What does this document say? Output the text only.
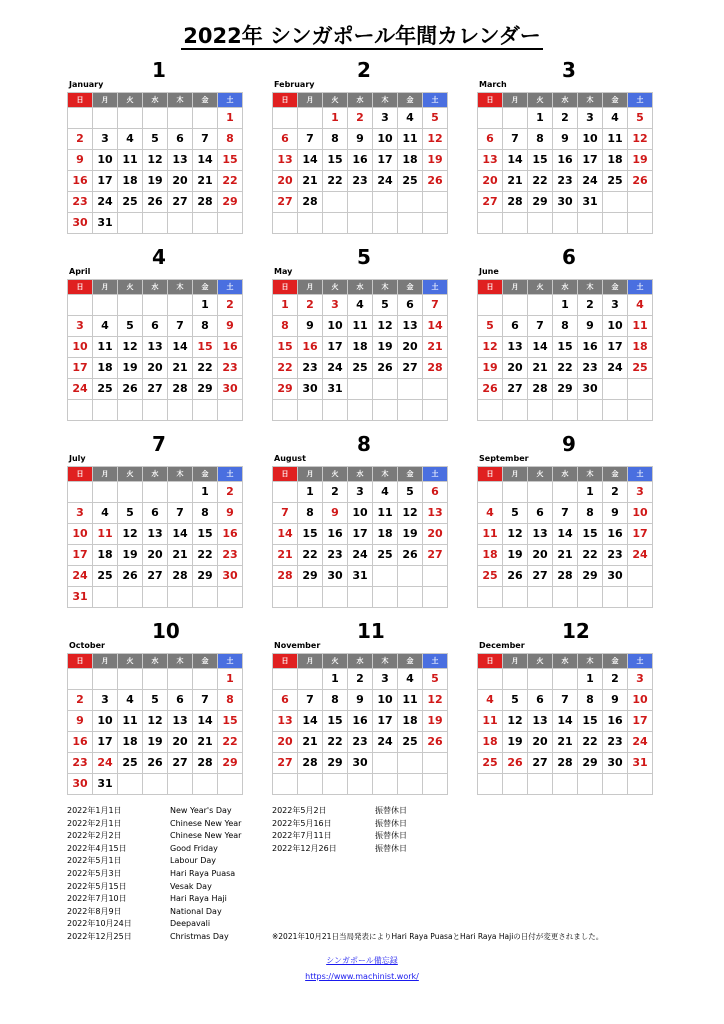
2022年 シンガポール年間カレンダー
January
1
日	月	火	水	木	金	土
						1
2	3	4	5	6	7	8
9	10	11	12	13	14	15
16	17	18	19	20	21	22
23	24	25	26	27	28	29
30	31					
February
2
日	月	火	水	木	金	土
		1	2	3	4	5
6	7	8	9	10	11	12
13	14	15	16	17	18	19
20	21	22	23	24	25	26
27	28					

March
3
日	月	火	水	木	金	土
		1	2	3	4	5
6	7	8	9	10	11	12
13	14	15	16	17	18	19
20	21	22	23	24	25	26
27	28	29	30	31		

April
4
日	月	火	水	木	金	土
					1	2
3	4	5	6	7	8	9
10	11	12	13	14	15	16
17	18	19	20	21	22	23
24	25	26	27	28	29	30

May
5
日	月	火	水	木	金	土
1	2	3	4	5	6	7
8	9	10	11	12	13	14
15	16	17	18	19	20	21
22	23	24	25	26	27	28
29	30	31				

June
6
日	月	火	水	木	金	土
			1	2	3	4
5	6	7	8	9	10	11
12	13	14	15	16	17	18
19	20	21	22	23	24	25
26	27	28	29	30		

July
7
日	月	火	水	木	金	土
					1	2
3	4	5	6	7	8	9
10	11	12	13	14	15	16
17	18	19	20	21	22	23
24	25	26	27	28	29	30
31						
August
8
日	月	火	水	木	金	土
	1	2	3	4	5	6
7	8	9	10	11	12	13
14	15	16	17	18	19	20
21	22	23	24	25	26	27
28	29	30	31			

September
9
日	月	火	水	木	金	土
				1	2	3
4	5	6	7	8	9	10
11	12	13	14	15	16	17
18	19	20	21	22	23	24
25	26	27	28	29	30	

October
10
日	月	火	水	木	金	土
						1
2	3	4	5	6	7	8
9	10	11	12	13	14	15
16	17	18	19	20	21	22
23	24	25	26	27	28	29
30	31					
November
11
日	月	火	水	木	金	土
		1	2	3	4	5
6	7	8	9	10	11	12
13	14	15	16	17	18	19
20	21	22	23	24	25	26
27	28	29	30			

December
12
日	月	火	水	木	金	土
				1	2	3
4	5	6	7	8	9	10
11	12	13	14	15	16	17
18	19	20	21	22	23	24
25	26	27	28	29	30	31

2022年1月1日	New Year's Day
2022年2月1日	Chinese New Year
2022年2月2日	Chinese New Year
2022年4月15日	Good Friday
2022年5月1日	Labour Day
2022年5月3日	Hari Raya Puasa
2022年5月15日	Vesak Day
2022年7月10日	Hari Raya Haji
2022年8月9日	National Day
2022年10月24日	Deepavali
2022年12月25日	Christmas Day
2022年5月2日	振替休日
2022年5月16日	振替休日
2022年7月11日	振替休日
2022年12月26日	振替休日
※2021年10月21日当局発表によりHari Raya PuasaとHari Raya Hajiの日付が変更されました。
シンガポール備忘録
https://www.machinist.work/
